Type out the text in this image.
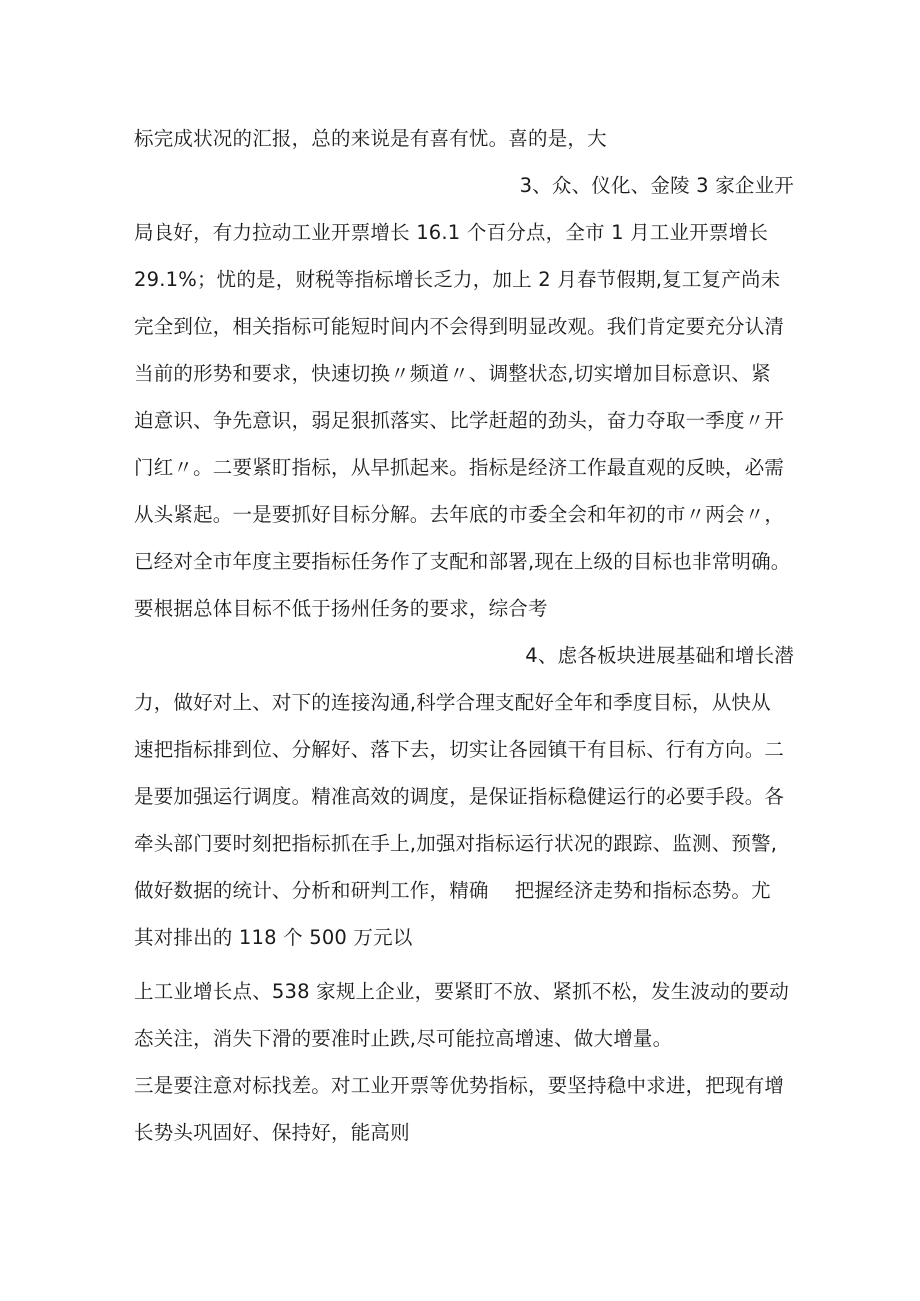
标完成状况的汇报，总的来说是有喜有忧。喜的是，大
3、众、仪化、金陵 3 家企业开
局良好，有力拉动工业开票增长 16.1 个百分点，全市 1 月工业开票增长
29.1%；忧的是，财税等指标增长乏力，加上 2 月春节假期,复工复产尚未
完全到位，相关指标可能短时间内不会得到明显改观。我们肯定要充分认清
当前的形势和要求，快速切换〃频道〃、调整状态,切实增加目标意识、紧
迫意识、争先意识，弱足狠抓落实、比学赶超的劲头，奋力夺取一季度〃开
门红〃。二要紧盯指标，从早抓起来。指标是经济工作最直观的反映，必需
从头紧起。一是要抓好目标分解。去年底的市委全会和年初的市〃两会〃，
已经对全市年度主要指标任务作了支配和部署,现在上级的目标也非常明确。
要根据总体目标不低于扬州任务的要求，综合考
4、虑各板块进展基础和增长潜
力，做好对上、对下的连接沟通,科学合理支配好全年和季度目标，从快从
速把指标排到位、分解好、落下去，切实让各园镇干有目标、行有方向。二
是要加强运行调度。精准高效的调度，是保证指标稳健运行的必要手段。各
牵头部门要时刻把指标抓在手上,加强对指标运行状况的跟踪、监测、预警,
做好数据的统计、分析和研判工作，精确　 把握经济走势和指标态势。尤
其对排出的 118 个 500 万元以
上工业增长点、538 家规上企业，要紧盯不放、紧抓不松，发生波动的要动
态关注，消失下滑的要准时止跌,尽可能拉高增速、做大增量。
三是要注意对标找差。对工业开票等优势指标，要坚持稳中求进，把现有增
长势头巩固好、保持好，能高则
